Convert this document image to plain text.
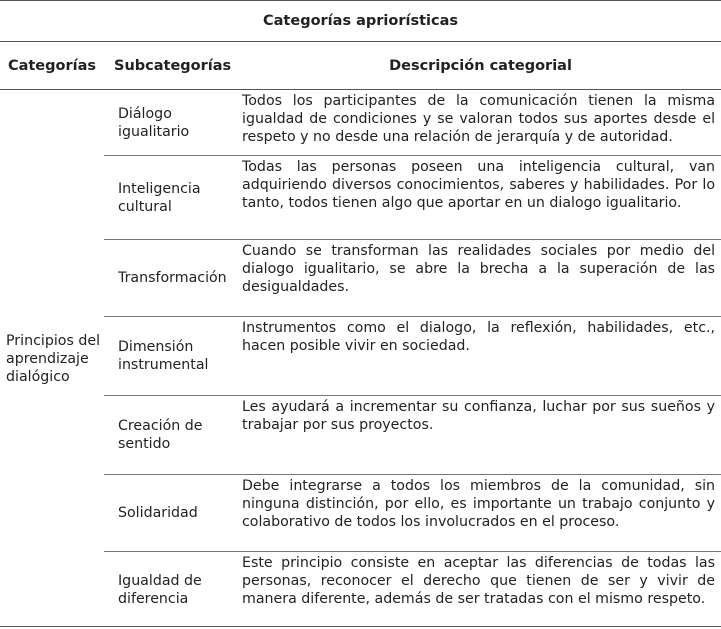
Categorías apriorísticas		
Categorías	Subcategorías	Descripción categorial
Principios del aprendizaje dialógico	Diálogo igualitario	Todos los participantes de la comunicación tienen la misma igualdad de condiciones y se valoran todos sus aportes desde el respeto y no desde una relación de jerarquía y de autoridad.
	Inteligencia cultural	Todas las personas poseen una inteligencia cultural, van adquiriendo diversos conocimientos, saberes y habilidades. Por lo tanto, todos tienen algo que aportar en un dialogo igualitario.
	Transformación	Cuando se transforman las realidades sociales por medio del dialogo igualitario, se abre la brecha a la superación de las desigualdades.
	Dimensión instrumental	Instrumentos como el dialogo, la reflexión, habilidades, etc., hacen posible vivir en sociedad.
	Creación de sentido	Les ayudará a incrementar su confianza, luchar por sus sueños y trabajar por sus proyectos.
	Solidaridad	Debe integrarse a todos los miembros de la comunidad, sin ninguna distinción, por ello, es importante un trabajo conjunto y colaborativo de todos los involucrados en el proceso.
	Igualdad de diferencia	Este principio consiste en aceptar las diferencias de todas las personas, reconocer el derecho que tienen de ser y vivir de manera diferente, además de ser tratadas con el mismo respeto.
